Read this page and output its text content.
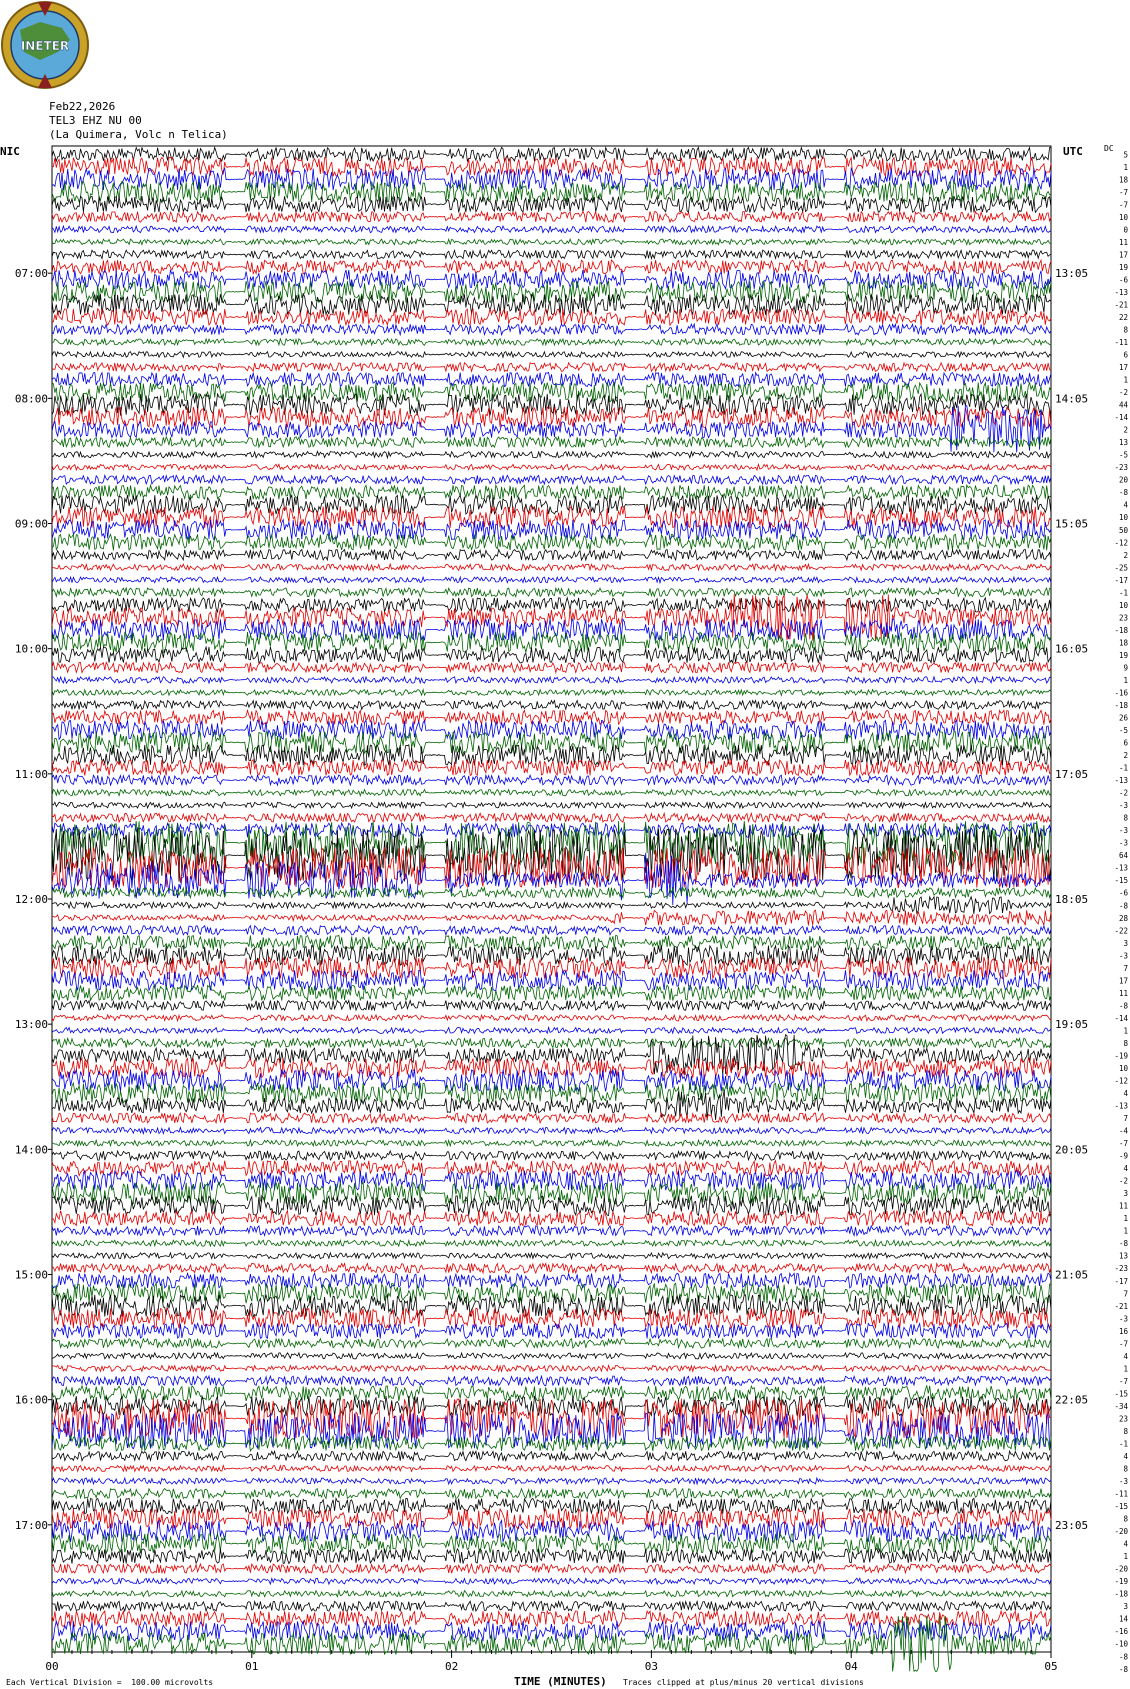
INETER
Feb22,2026
TEL3 EHZ NU 00
(La Quimera, Volc n Telica)
NIC	UTC	DC
00	01	02	03	04	05
07:00
08:00
09:00
10:00
11:00
12:00
13:00
14:00
15:00
16:00
17:00
13:05
14:05
15:05
16:05
17:05
18:05
19:05
20:05
21:05
22:05
23:05
5
1
18
-7
-7
10
0
11
17
19
-6
-13
-21
22
8
-11
6
17
1
-2
44
-14
2
13
-5
-23
20
-8
4
10
50
-12
2
-25
-17
-1
10
23
-18
18
19
9
1
-16
-18
26
-5
6
2
-1
-13
-2
-3
8
-3
-3
64
-13
-15
-6
-8
28
-22
3
-3
7
17
11
-8
-14
1
8
-19
10
-12
4
-13
7
-4
-7
-9
4
-2
3
11
1
1
-8
13
-23
-17
7
-21
-3
16
-7
4
1
-7
-15
-34
23
8
-1
4
8
-3
-11
-15
8
-20
4
1
-20
-19
-18
3
14
-16
-10
-8
-8
Each Vertical Division =  100.00 microvolts	TIME (MINUTES) Traces clipped at plus/minus 20 vertical divisions
